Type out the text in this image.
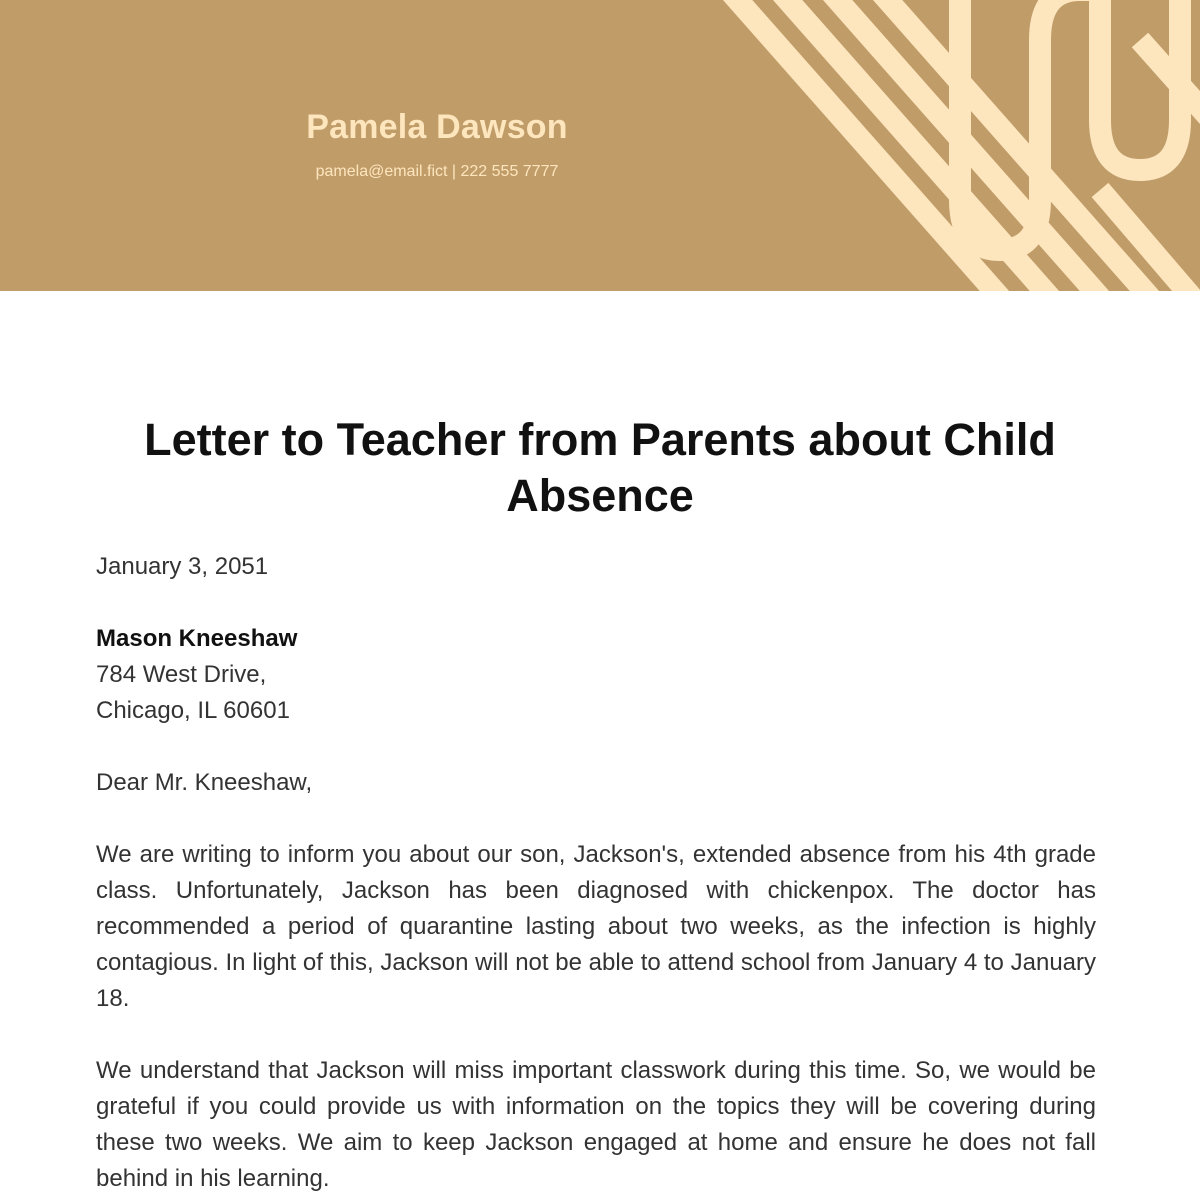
Pamela Dawson
pamela@email.fict | 222 555 7777
Letter to Teacher from Parents about Child Absence

January 3, 2051

Mason Kneeshaw
784 West Drive,
Chicago, IL 60601

Dear Mr. Kneeshaw,

We are writing to inform you about our son, Jackson's, extended absence from his 4th grade class. Unfortunately, Jackson has been diagnosed with chickenpox. The doctor has recommended a period of quarantine lasting about two weeks, as the infection is highly contagious. In light of this, Jackson will not be able to attend school from January 4 to January 18.

We understand that Jackson will miss important classwork during this time. So, we would be grateful if you could provide us with information on the topics they will be covering during these two weeks. We aim to keep Jackson engaged at home and ensure he does not fall behind in his learning.
